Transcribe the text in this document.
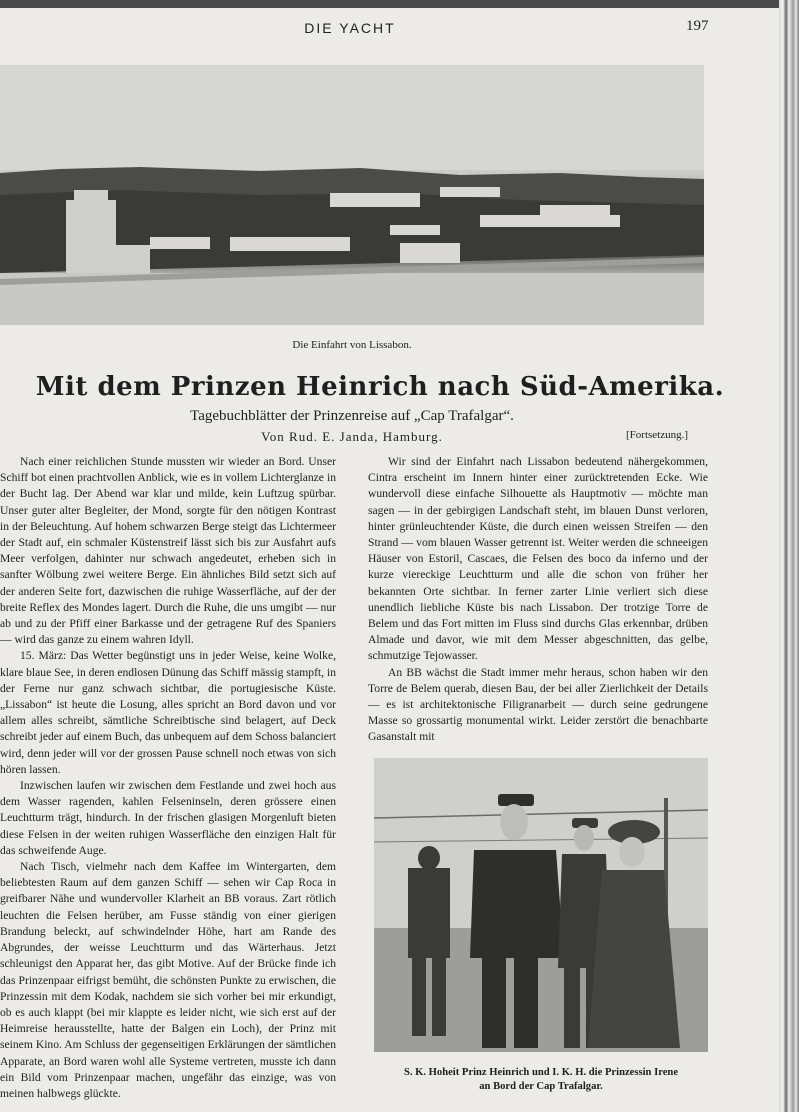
DIE YACHT	197
Die Einfahrt von Lissabon.
Mit dem Prinzen Heinrich nach Süd-Amerika.
Tagebuchblätter der Prinzenreise auf „Cap Trafalgar“.
Von Rud. E. Janda, Hamburg.	[Fortsetzung.]

Nach einer reichlichen Stunde mussten wir wieder an Bord. Unser Schiff bot einen prachtvollen Anblick, wie es in vollem Lichterglanze in der Bucht lag. Der Abend war klar und milde, kein Luftzug spürbar. Unser guter alter Begleiter, der Mond, sorgte für den nötigen Kontrast in der Beleuchtung. Auf hohem schwarzen Berge steigt das Lichtermeer der Stadt auf, ein schmaler Küstenstreif lässt sich bis zur Ausfahrt aufs Meer verfolgen, dahinter nur schwach angedeutet, erheben sich in sanfter Wölbung zwei weitere Berge. Ein ähnliches Bild setzt sich auf der anderen Seite fort, dazwischen die ruhige Wasserfläche, auf der der breite Reflex des Mondes lagert. Durch die Ruhe, die uns umgibt — nur ab und zu der Pfiff einer Barkasse und der getragene Ruf des Spaniers — wird das ganze zu einem wahren Idyll.

15. März: Das Wetter begünstigt uns in jeder Weise, keine Wolke, klare blaue See, in deren endlosen Dünung das Schiff mässig stampft, in der Ferne nur ganz schwach sichtbar, die portugiesische Küste. „Lissabon“ ist heute die Losung, alles spricht an Bord davon und vor allem alles schreibt, sämtliche Schreibtische sind belagert, auf Deck schreibt jeder auf einem Buch, das unbequem auf dem Schoss balanciert wird, denn jeder will vor der grossen Pause schnell noch etwas von sich hören lassen.

Inzwischen laufen wir zwischen dem Festlande und zwei hoch aus dem Wasser ragenden, kahlen Felseninseln, deren grössere einen Leuchtturm trägt, hindurch. In der frischen glasigen Morgenluft bieten diese Felsen in der weiten ruhigen Wasserfläche den einzigen Halt für das schweifende Auge.

Nach Tisch, vielmehr nach dem Kaffee im Wintergarten, dem beliebtesten Raum auf dem ganzen Schiff — sehen wir Cap Roca in greifbarer Nähe und wundervoller Klarheit an BB voraus. Zart rötlich leuchten die Felsen herüber, am Fusse ständig von einer gierigen Brandung beleckt, auf schwindelnder Höhe, hart am Rande des Abgrundes, der weisse Leuchtturm und das Wärterhaus. Jetzt schleunigst den Apparat her, das gibt Motive. Auf der Brücke finde ich das Prinzenpaar eifrigst bemüht, die schönsten Punkte zu erwischen, die Prinzessin mit dem Kodak, nachdem sie sich vorher bei mir erkundigt, ob es auch klappt (bei mir klappte es leider nicht, wie sich erst auf der Heimreise herausstellte, hatte der Balgen ein Loch), der Prinz mit seinem Kino. Am Schluss der gegenseitigen Erklärungen der sämtlichen Apparate, an Bord waren wohl alle Systeme vertreten, musste ich dann ein Bild vom Prinzenpaar machen, ungefähr das einzige, was von meinen halbwegs glückte.

Wir sind der Einfahrt nach Lissabon bedeutend nähergekommen, Cintra erscheint im Innern hinter einer zurücktretenden Ecke. Wie wundervoll diese einfache Silhouette als Hauptmotiv — möchte man sagen — in der gebirgigen Landschaft steht, im blauen Dunst verloren, hinter grünleuchtender Küste, die durch einen weissen Streifen — den Strand — vom blauen Wasser getrennt ist. Weiter werden die schneeigen Häuser von Estoril, Cascaes, die Felsen des boco da inferno und der kurze viereckige Leuchtturm und alle die schon von früher her bekannten Orte sichtbar. In ferner zarter Linie verliert sich diese unendlich liebliche Küste bis nach Lissabon. Der trotzige Torre de Belem und das Fort mitten im Fluss sind durchs Glas erkennbar, drüben Almade und davor, wie mit dem Messer abgeschnitten, das gelbe, schmutzige Tejowasser.

An BB wächst die Stadt immer mehr heraus, schon haben wir den Torre de Belem querab, diesen Bau, der bei aller Zierlichkeit der Details — es ist architektonische Filigranarbeit — durch seine gedrungene Masse so grossartig monumental wirkt. Leider zerstört die benachbarte Gasanstalt mit

S. K. Hoheit Prinz Heinrich und I. K. H. die Prinzessin Irene
an Bord der Cap Trafalgar.
